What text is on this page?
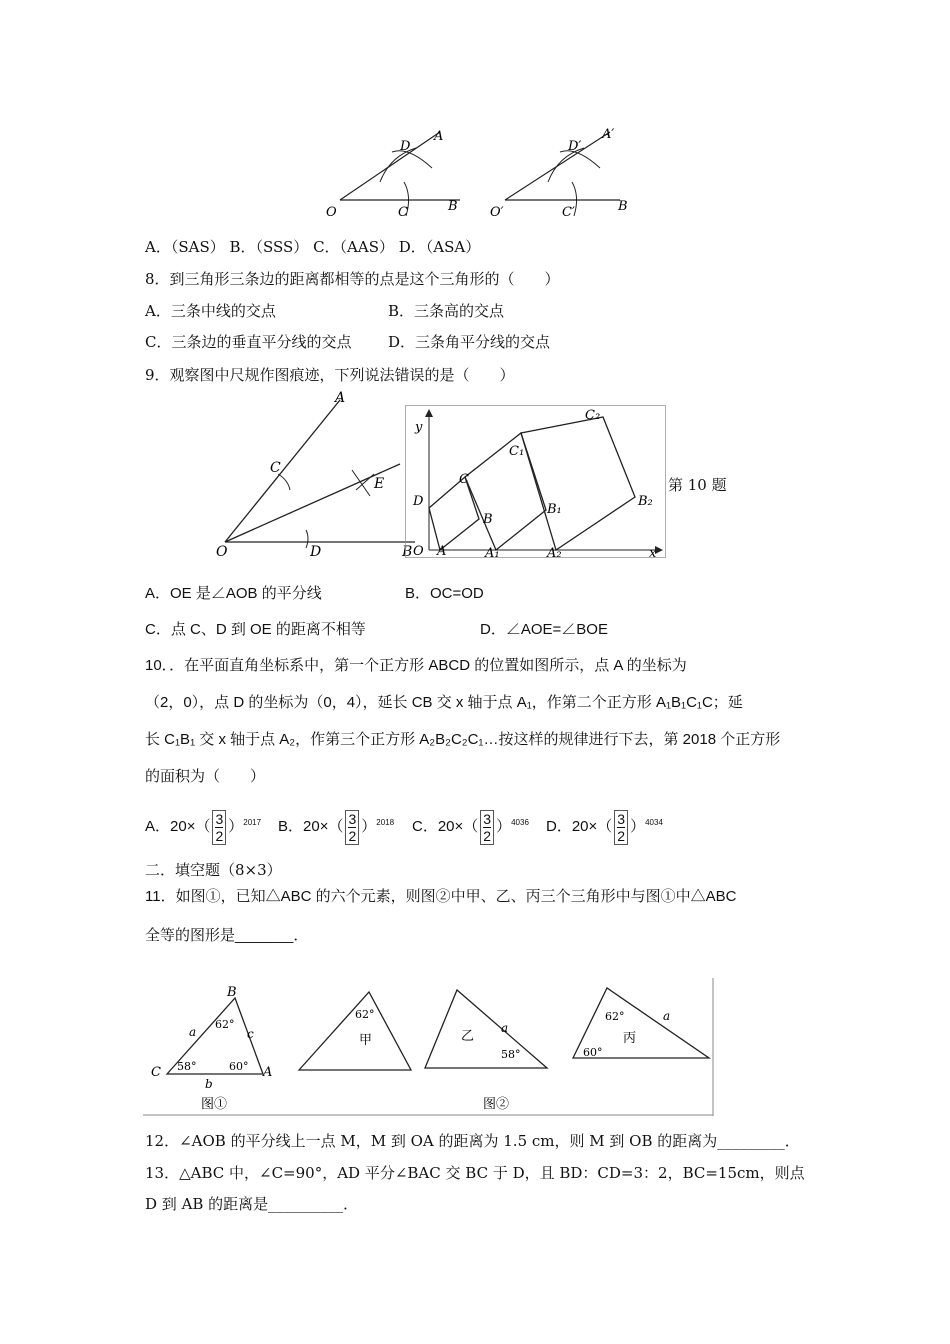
O	C	B
D
A
O′	C′	B
D′
A′
A．（SAS） B．（SSS） C．（AAS） D．（ASA）
8．到三角形三条边的距离都相等的点是这个三角形的（　　）
A．三条中线的交点	B．三条高的交点
C．三条边的垂直平分线的交点 D．三条角平分线的交点
9．观察图中尺规作图痕迹，下列说法错误的是（　　）
A
C
E
O	D	B
y
x
O A	A₁	A₂
B
B₁
B₂
C
C₁
C₂
D
第 10 题
A．OE 是∠AOB 的平分线	B．OC=OD
C．点 C、D 到 OE 的距离不相等	D．∠AOE=∠BOE
10．．在平面直角坐标系中，第一个正方形 ABCD 的位置如图所示，点 A 的坐标为
（2，0），点 D 的坐标为（0，4），延长 CB 交 x 轴于点 A₁，作第二个正方形 A₁B₁C₁C；延
长 C₁B₁ 交 x 轴于点 A₂，作第三个正方形 A₂B₂C₂C₁…按这样的规律进行下去，第 2018 个正方形
的面积为（　　）
A．$20\times( \frac{3}{2} )^{2017}$ B．$20\times( \frac{3}{2} )^{2018}$ C．$20\times( \frac{3}{2} )^{4036}$ D．$20\times( \frac{3}{2} )^{4034}$
二．填空题（8×3）
11．如图①，已知△ABC 的六个元素，则图②中甲、乙、丙三个三角形中与图①中△ABC
全等的图形是_______．
B
A
C
a	c
b
62°
58°	60°
图①
62°
甲
a
乙
58°
图②
62°	a
丙
60°
12．∠AOB 的平分线上一点 M，M 到 OA 的距离为 1.5 cm，则 M 到 OB 的距离为_________．
13．△ABC 中，∠C=90°，AD 平分∠BAC 交 BC 于 D，且 BD：CD=3：2，BC=15cm，则点
D 到 AB 的距离是__________．
